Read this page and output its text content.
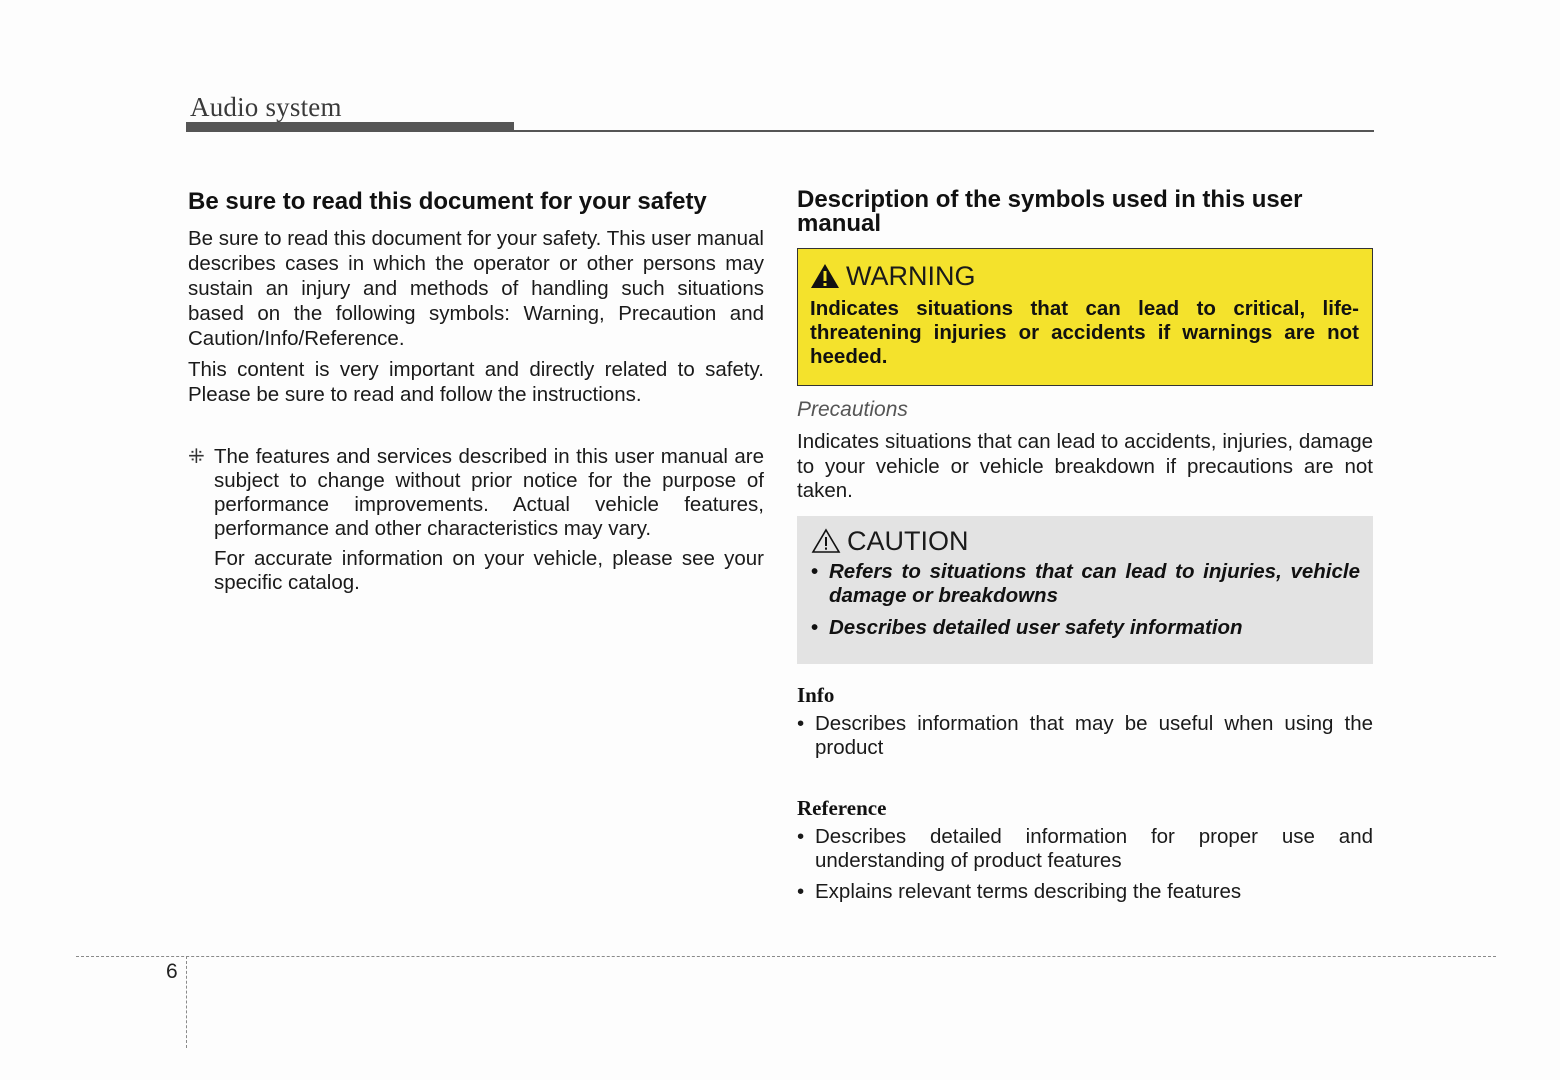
Audio system
Be sure to read this document for your safety

Be sure to read this document for your safety. This user manual describes cases in which the operator or other persons may sustain an injury and methods of handling such situations based on the following symbols: Warning, Precaution and Caution/Info/Reference.

This content is very important and directly related to safety. Please be sure to read and follow the instructions.

⁜ The features and services described in this user manual are subject to change without prior notice for the purpose of performance improvements. Actual vehicle features, performance and other characteristics may vary.

For accurate information on your vehicle, please see your specific catalog.

Description of the symbols used in this user manual
WARNING

Indicates situations that can lead to critical, life-threatening injuries or accidents if warnings are not heeded.

Precautions

Indicates situations that can lead to accidents, injuries, damage to your vehicle or vehicle breakdown if precautions are not taken.

CAUTION
• Refers to situations that can lead to injuries, vehicle damage or breakdowns
• Describes detailed user safety information
Info
• Describes information that may be useful when using the product
Reference
• Describes detailed information for proper use and understanding of product features
• Explains relevant terms describing the features
6
